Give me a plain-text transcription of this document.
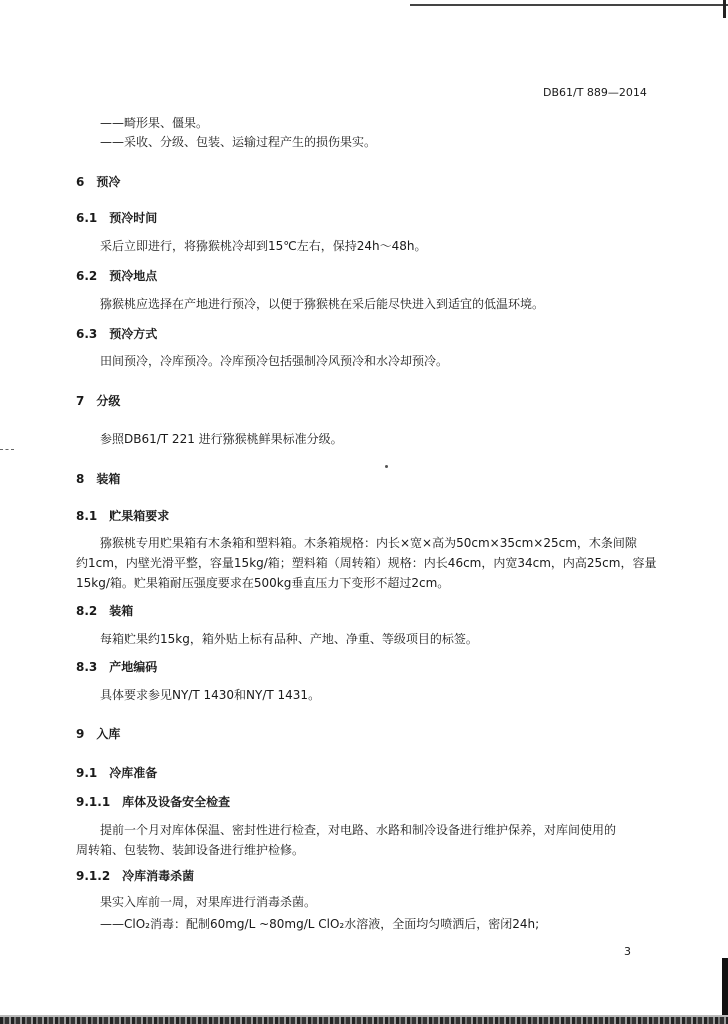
DB61/T 889—2014
——畸形果、僵果。
——采收、分级、包装、运输过程产生的损伤果实。
6　预冷
6.1　预冷时间
采后立即进行，将猕猴桃冷却到15℃左右，保持24h～48h。
6.2　预冷地点
猕猴桃应选择在产地进行预冷，以便于猕猴桃在采后能尽快进入到适宜的低温环境。
6.3　预冷方式
田间预冷，冷库预冷。冷库预冷包括强制冷风预冷和水冷却预冷。
7　分级
参照DB61/T 221 进行猕猴桃鲜果标准分级。
8　装箱
8.1　贮果箱要求
猕猴桃专用贮果箱有木条箱和塑料箱。木条箱规格：内长×宽×高为50cm×35cm×25cm，木条间隙
约1cm，内壁光滑平整，容量15kg/箱；塑料箱（周转箱）规格：内长46cm，内宽34cm，内高25cm，容量
15kg/箱。贮果箱耐压强度要求在500kg垂直压力下变形不超过2cm。
8.2　装箱
每箱贮果约15kg，箱外贴上标有品种、产地、净重、等级项目的标签。
8.3　产地编码
具体要求参见NY/T 1430和NY/T 1431。
9　入库
9.1　冷库准备
9.1.1　库体及设备安全检查
提前一个月对库体保温、密封性进行检查，对电路、水路和制冷设备进行维护保养，对库间使用的
周转箱、包装物、装卸设备进行维护检修。
9.1.2　冷库消毒杀菌
果实入库前一周，对果库进行消毒杀菌。
——ClO₂消毒：配制60mg/L ~80mg/L ClO₂水溶液，全面均匀喷洒后，密闭24h;
3
